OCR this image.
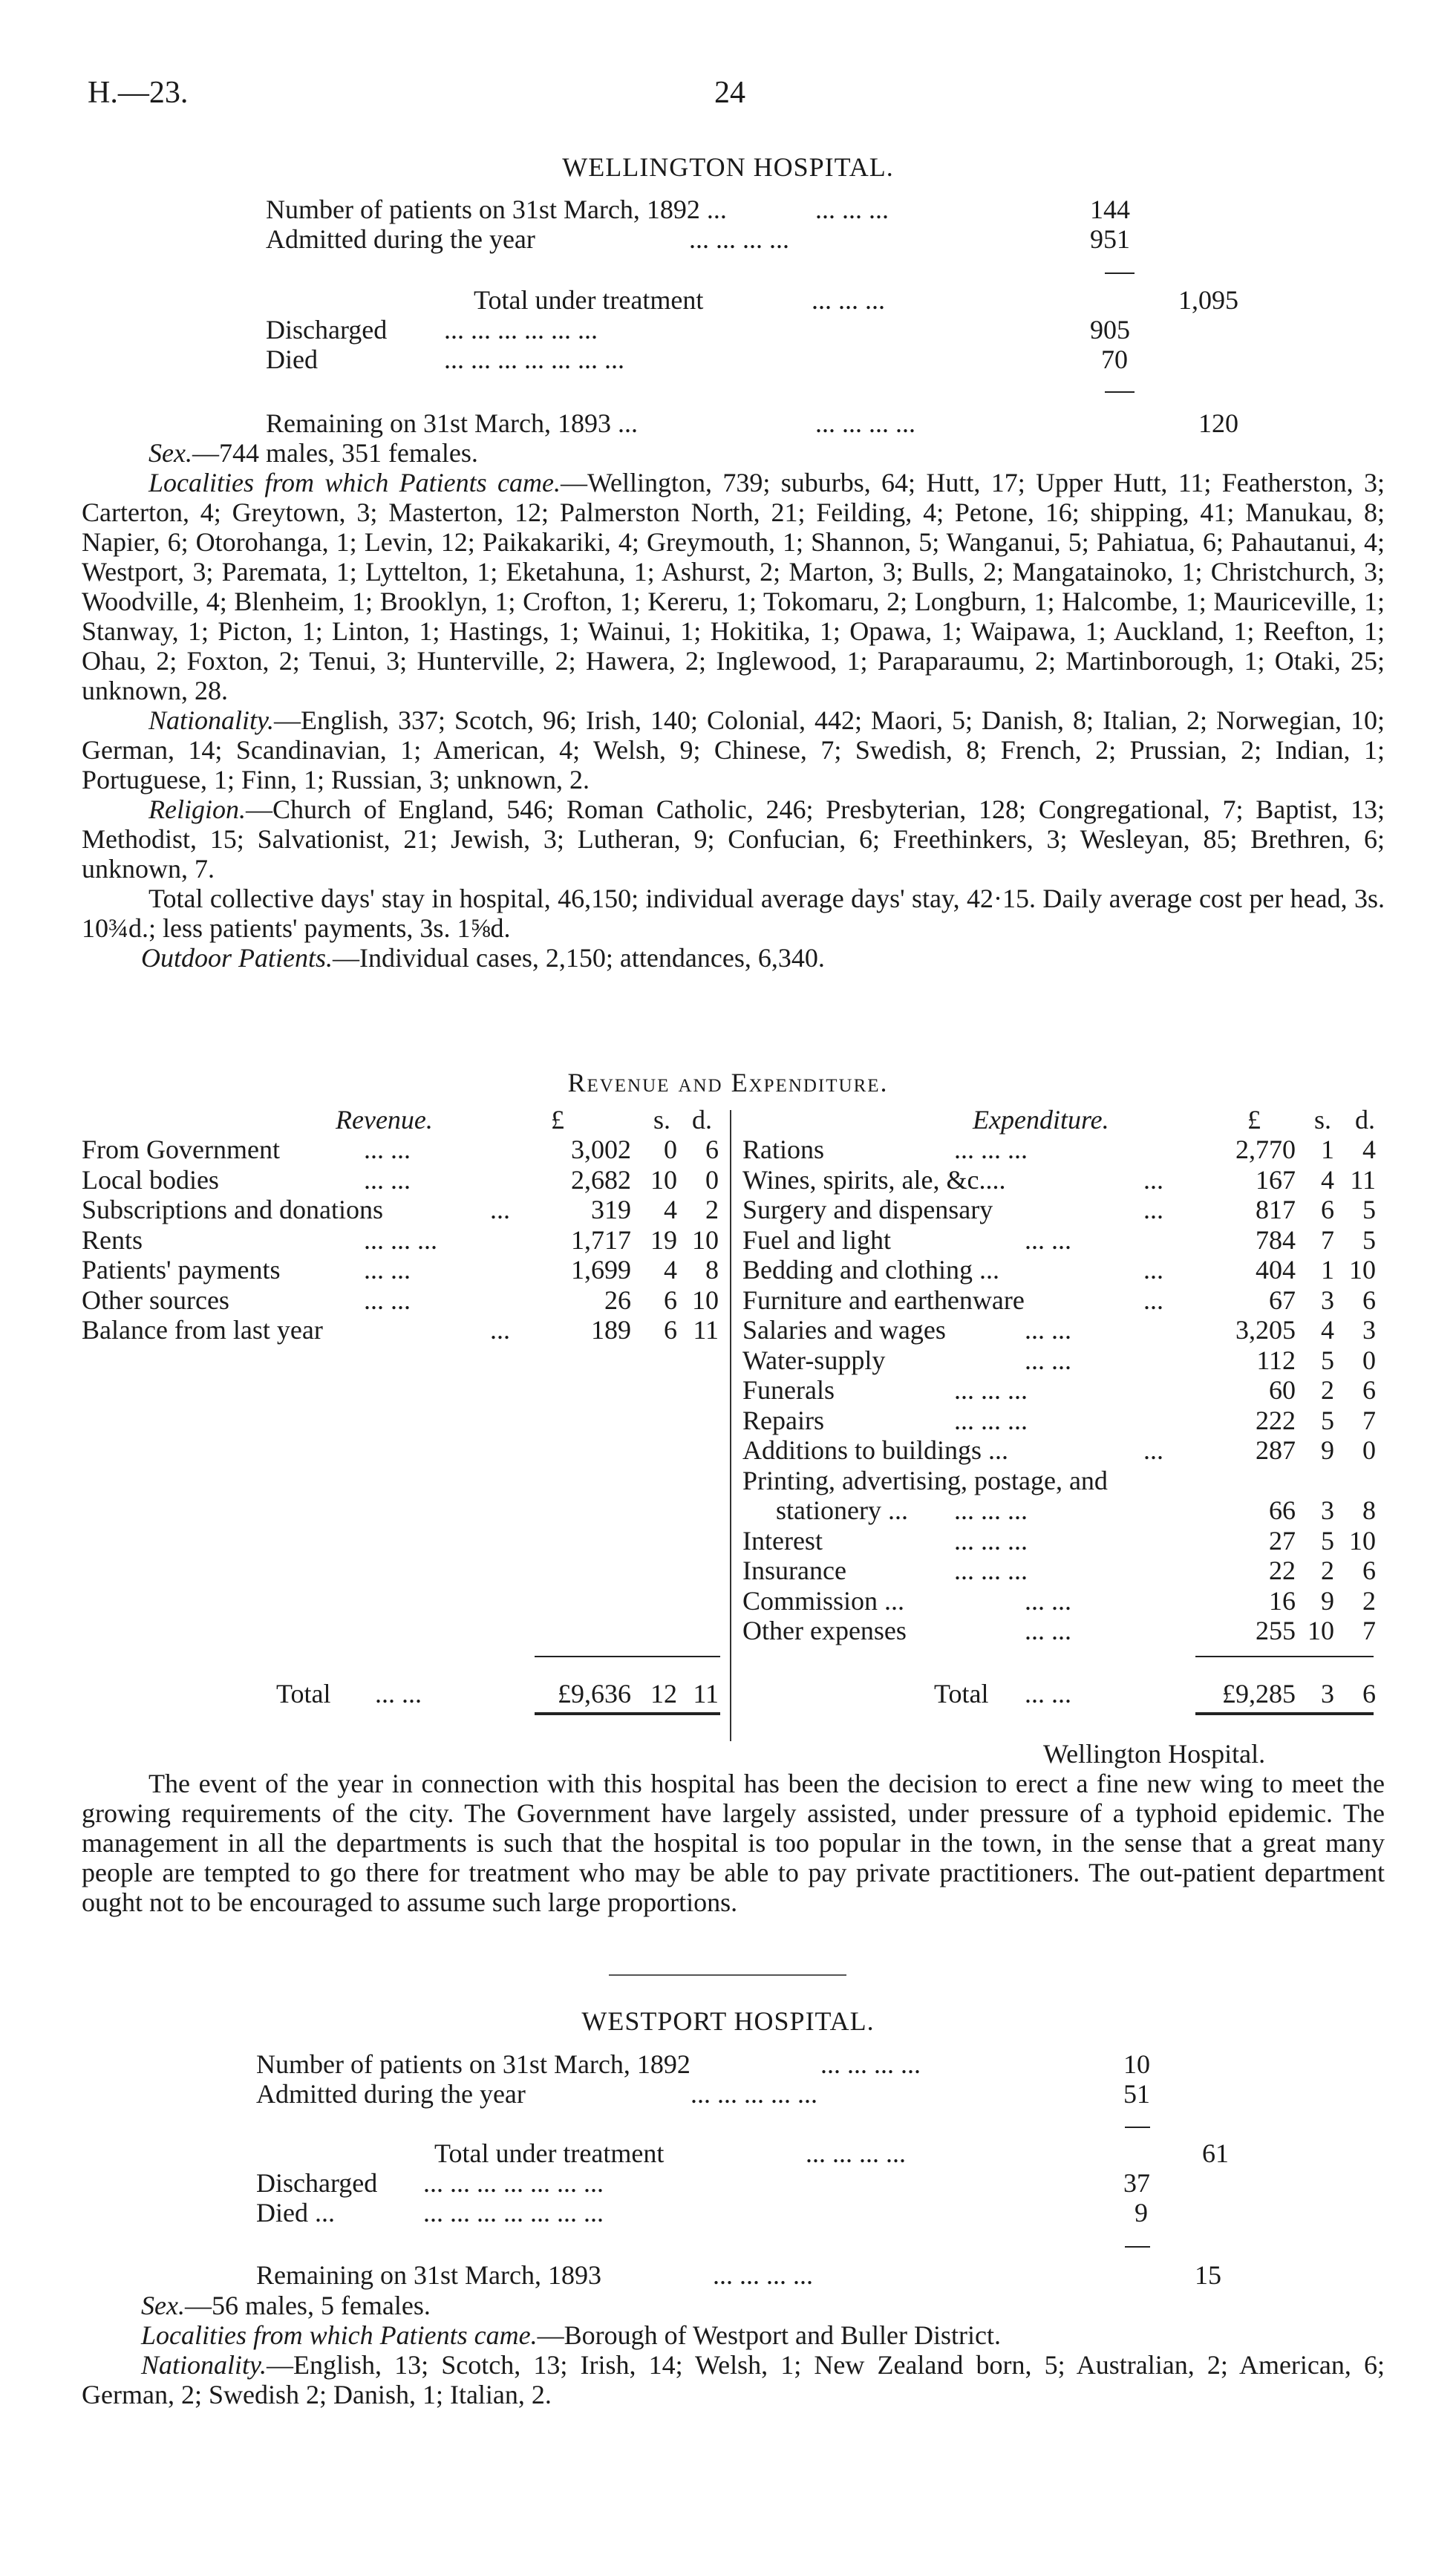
H.—23.	24
WELLINGTON HOSPITAL.
Number of patients on 31st March, 1892 ...	... ... ...	144
Admitted during the year	... ... ... ...	951
Total under treatment	... ... ...	1,095
Discharged ... ... ... ... ... ...	905
Died	... ... ... ... ... ... ...	70
Remaining on 31st March, 1893 ...	... ... ... ...	120

Sex.—744 males, 351 females.

Localities from which Patients came.—Wellington, 739; suburbs, 64; Hutt, 17; Upper Hutt, 11; Featherston, 3; Carterton, 4; Greytown, 3; Masterton, 12; Palmerston North, 21; Feilding, 4; Petone, 16; shipping, 41; Manukau, 8; Napier, 6; Otorohanga, 1; Levin, 12; Paikakariki, 4; Greymouth, 1; Shannon, 5; Wanganui, 5; Pahiatua, 6; Pahautanui, 4; Westport, 3; Paremata, 1; Lyttelton, 1; Eketahuna, 1; Ashurst, 2; Marton, 3; Bulls, 2; Mangatainoko, 1; Christchurch, 3; Woodville, 4; Blenheim, 1; Brooklyn, 1; Crofton, 1; Kereru, 1; Tokomaru, 2; Longburn, 1; Halcombe, 1; Mauriceville, 1; Stanway, 1; Picton, 1; Linton, 1; Hastings, 1; Wainui, 1; Hokitika, 1; Opawa, 1; Waipawa, 1; Auckland, 1; Reefton, 1; Ohau, 2; Foxton, 2; Tenui, 3; Hunterville, 2; Hawera, 2; Inglewood, 1; Paraparaumu, 2; Martinborough, 1; Otaki, 25; unknown, 28.

Nationality.—English, 337; Scotch, 96; Irish, 140; Colonial, 442; Maori, 5; Danish, 8; Italian, 2; Norwegian, 10; German, 14; Scandinavian, 1; American, 4; Welsh, 9; Chinese, 7; Swedish, 8; French, 2; Prussian, 2; Indian, 1; Portuguese, 1; Finn, 1; Russian, 3; unknown, 2.

Religion.—Church of England, 546; Roman Catholic, 246; Presbyterian, 128; Congregational, 7; Baptist, 13; Methodist, 15; Salvationist, 21; Jewish, 3; Lutheran, 9; Confucian, 6; Freethinkers, 3; Wesleyan, 85; Brethren, 6; unknown, 7.

Total collective days' stay in hospital, 46,150; individual average days' stay, 42·15. Daily average cost per head, 3s. 10¾d.; less patients' payments, 3s. 1⅝d.

Outdoor Patients.—Individual cases, 2,150; attendances, 6,340.

Revenue and Expenditure.
Revenue.	£	s. d.	Expenditure.	£ s. d.
From Government	... ...	3,002	0	6
Local bodies	... ...	2,682 10	0
Subscriptions and donations	...	319	4	2
Rents	... ... ...	1,717 19 10
Patients' payments	... ...	1,699	4	8
Other sources	... ...	26	6 10
Balance from last year	...	189	6 11
Rations	... ... ...	2,770 1	4
Wines, spirits, ale, &c....	...	167 4 11
Surgery and dispensary	...	817 6	5
Fuel and light	... ...	784 7	5
Bedding and clothing ...	...	404 1 10
Furniture and earthenware	...	67 3	6
Salaries and wages	... ...	3,205 4	3
Water-supply	... ...	112 5	0
Funerals	... ... ...	60 2	6
Repairs	... ... ...	222 5	7
Additions to buildings ...	...	287 9	0
Printing, advertising, postage, and
stationery ... ... ... ...	66 3	8
Interest	... ... ...	27 5 10
Insurance	... ... ...	22 2	6
Commission ...	... ...	16 9	2
Other expenses	... ...	255 10	7
Total ... ...	£9,636 12 11	Total ... ...	£9,285 3	6
Wellington Hospital.

The event of the year in connection with this hospital has been the decision to erect a fine new wing to meet the growing requirements of the city. The Government have largely assisted, under pressure of a typhoid epidemic. The management in all the departments is such that the hospital is too popular in the town, in the sense that a great many people are tempted to go there for treatment who may be able to pay private practitioners. The out-patient department ought not to be encouraged to assume such large proportions.

WESTPORT HOSPITAL.
Number of patients on 31st March, 1892	... ... ... ...	10
Admitted during the year	... ... ... ... ...	51
Total under treatment	... ... ... ...	61
Discharged ... ... ... ... ... ... ...	37
Died ...	... ... ... ... ... ... ...	9
Remaining on 31st March, 1893	... ... ... ...	15

Sex.—56 males, 5 females.

Localities from which Patients came.—Borough of Westport and Buller District.

Nationality.—English, 13; Scotch, 13; Irish, 14; Welsh, 1; New Zealand born, 5; Australian, 2; American, 6; German, 2; Swedish 2; Danish, 1; Italian, 2.
